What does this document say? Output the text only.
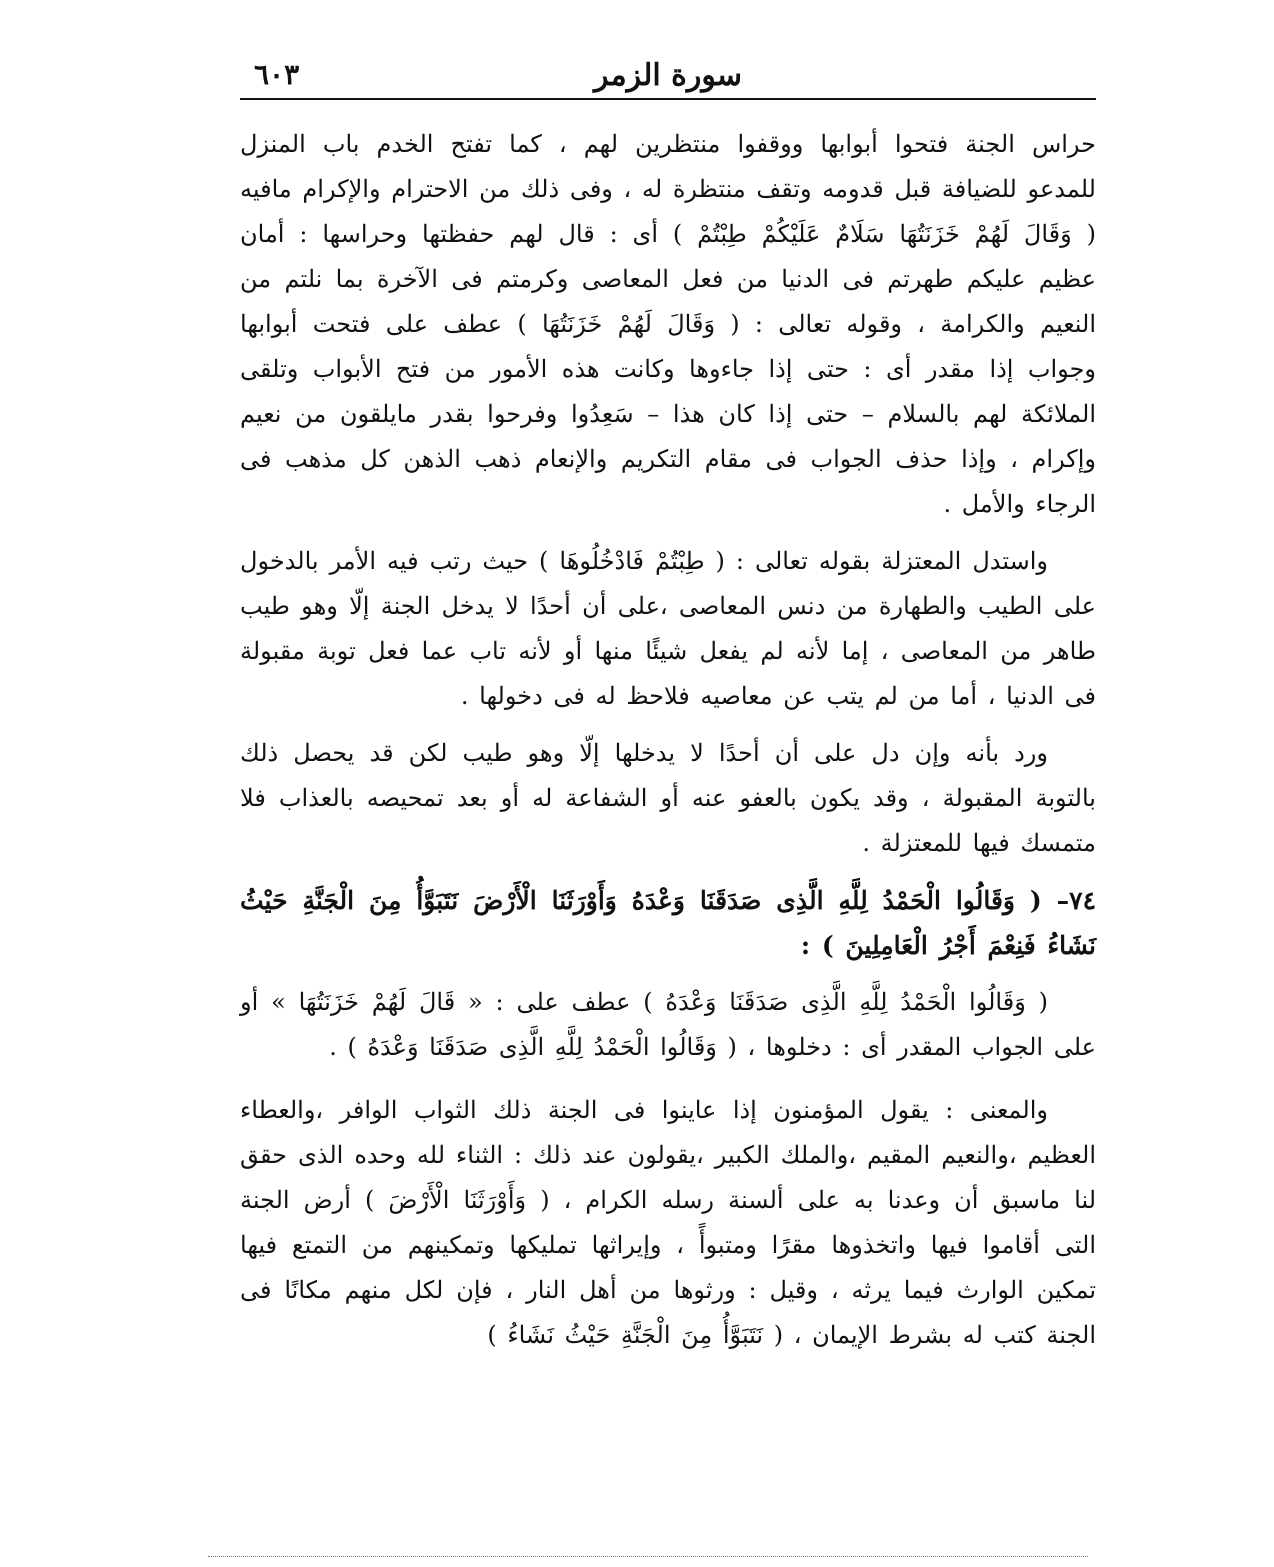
سورة الزمر
٦٠٣

حراس الجنة فتحوا أبوابها ووقفوا منتظرين لهم ، كما تفتح الخدم باب المنزل للمدعو للضيافة قبل قدومه وتقف منتظرة له ، وفى ذلك من الاحترام والإكرام مافيه ( وَقَالَ لَهُمْ خَزَنَتُهَا سَلَامٌ عَلَيْكُمْ طِبْتُمْ ) أى : قال لهم حفظتها وحراسها : أمان عظيم عليكم طهرتم فى الدنيا من فعل المعاصى وكرمتم فى الآخرة بما نلتم من النعيم والكرامة ، وقوله تعالى : ( وَقَالَ لَهُمْ خَزَنَتُهَا ) عطف على فتحت أبوابها وجواب إذا مقدر أى : حتى إذا جاءوها وكانت هذه الأمور من فتح الأبواب وتلقى الملائكة لهم بالسلام – حتى إذا كان هذا – سَعِدُوا وفرحوا بقدر مايلقون من نعيم وإكرام ، وإذا حذف الجواب فى مقام التكريم والإنعام ذهب الذهن كل مذهب فى الرجاء والأمل .

واستدل المعتزلة بقوله تعالى : ( طِبْتُمْ فَادْخُلُوهَا ) حيث رتب فيه الأمر بالدخول على الطيب والطهارة من دنس المعاصى ،على أن أحدًا لا يدخل الجنة إلّا وهو طيب طاهر من المعاصى ، إما لأنه لم يفعل شيئًا منها أو لأنه تاب عما فعل توبة مقبولة فى الدنيا ، أما من لم يتب عن معاصيه فلاحظ له فى دخولها .

ورد بأنه وإن دل على أن أحدًا لا يدخلها إلّا وهو طيب لكن قد يحصل ذلك بالتوبة المقبولة ، وقد يكون بالعفو عنه أو الشفاعة له أو بعد تمحيصه بالعذاب فلا متمسك فيها للمعتزلة .

٧٤– ( وَقَالُوا الْحَمْدُ لِلَّهِ الَّذِى صَدَقَنَا وَعْدَهُ وَأَوْرَثَنَا الْأَرْضَ نَتَبَوَّأُ مِنَ الْجَنَّةِ حَيْثُ نَشَاءُ فَنِعْمَ أَجْرُ الْعَامِلِينَ ) :

( وَقَالُوا الْحَمْدُ لِلَّهِ الَّذِى صَدَقَنَا وَعْدَهُ ) عطف على : « قَالَ لَهُمْ خَزَنَتُهَا » أو على الجواب المقدر أى : دخلوها ، ( وَقَالُوا الْحَمْدُ لِلَّهِ الَّذِى صَدَقَنَا وَعْدَهُ ) .

والمعنى : يقول المؤمنون إذا عاينوا فى الجنة ذلك الثواب الوافر ،والعطاء العظيم ،والنعيم المقيم ،والملك الكبير ،يقولون عند ذلك : الثناء لله وحده الذى حقق لنا ماسبق أن وعدنا به على ألسنة رسله الكرام ، ( وَأَوْرَثَنَا الْأَرْضَ ) أرض الجنة التى أقاموا فيها واتخذوها مقرًا ومتبوأً ، وإيراثها تمليكها وتمكينهم من التمتع فيها تمكين الوارث فيما يرثه ، وقيل : ورثوها من أهل النار ، فإن لكل منهم مكانًا فى الجنة كتب له بشرط الإيمان ، ( نَتَبَوَّأُ مِنَ الْجَنَّةِ حَيْثُ نَشَاءُ )
